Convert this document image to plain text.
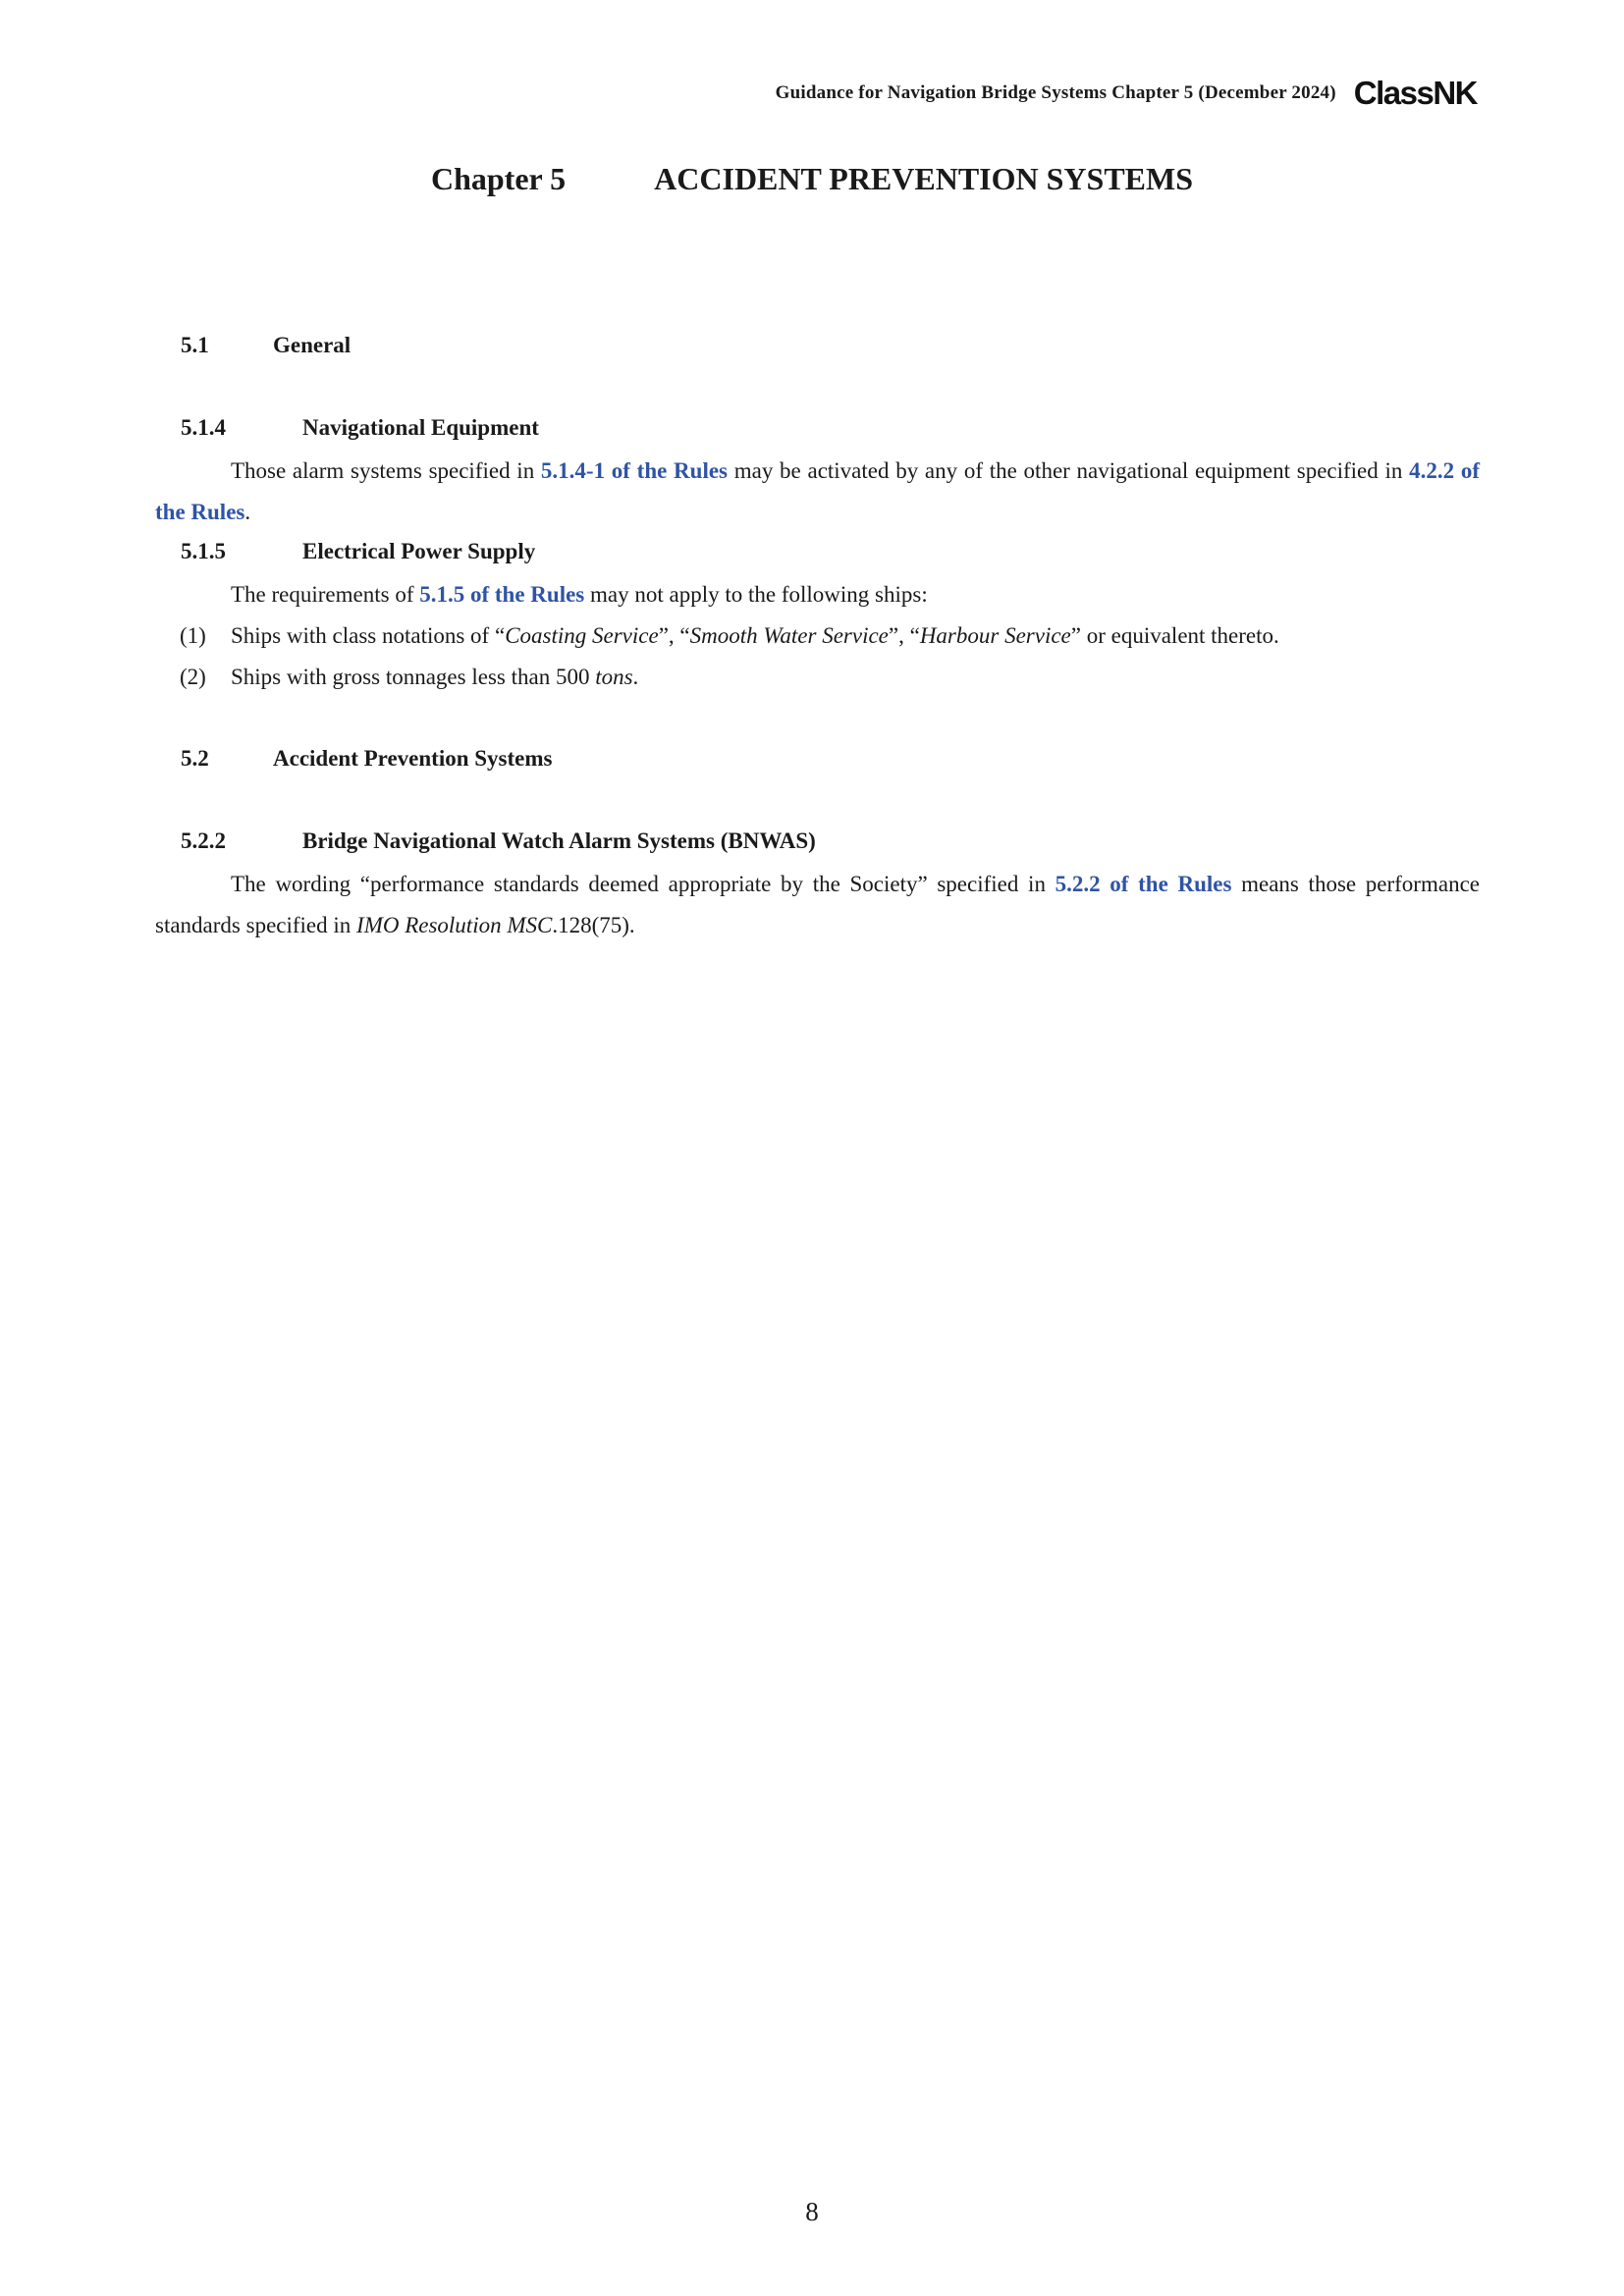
Guidance for Navigation Bridge Systems Chapter 5 (December 2024) ClassNK
Chapter 5	ACCIDENT PREVENTION SYSTEMS
5.1	General
5.1.4	Navigational Equipment
Those alarm systems specified in 5.1.4-1 of the Rules may be activated by any of the other navigational equipment specified in 4.2.2 of the Rules.
5.1.5	Electrical Power Supply
The requirements of 5.1.5 of the Rules may not apply to the following ships:
(1) Ships with class notations of “Coasting Service”, “Smooth Water Service”, “Harbour Service” or equivalent thereto.
(2) Ships with gross tonnages less than 500 tons.
5.2	Accident Prevention Systems
5.2.2	Bridge Navigational Watch Alarm Systems (BNWAS)
The wording “performance standards deemed appropriate by the Society” specified in 5.2.2 of the Rules means those performance standards specified in IMO Resolution MSC.128(75).
8
